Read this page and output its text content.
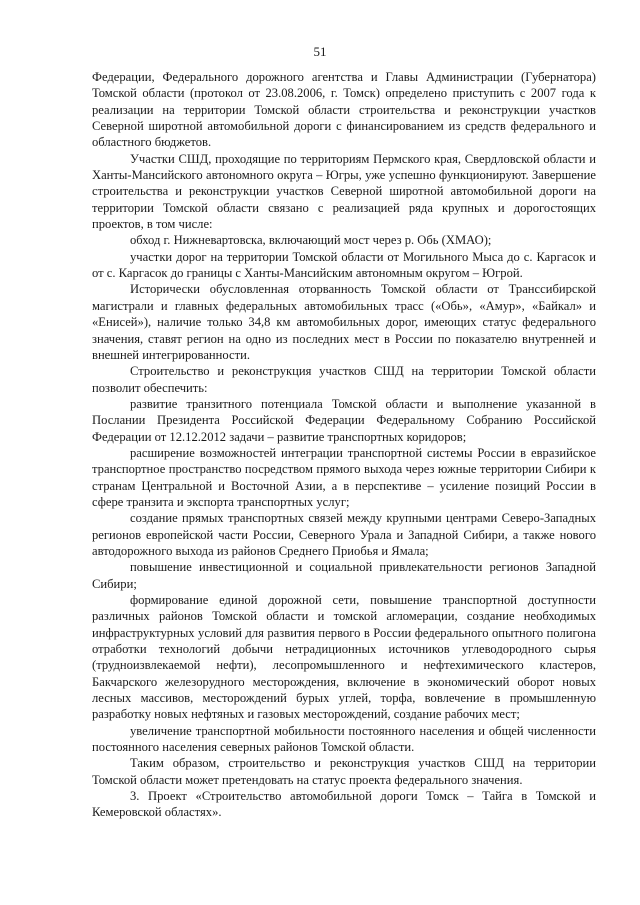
51

Федерации, Федерального дорожного агентства и Главы Администрации (Губернатора) Томской области (протокол от 23.08.2006, г. Томск) определено приступить с 2007 года к реализации на территории Томской области строительства и реконструкции участков Северной широтной автомобильной дороги с финансированием из средств федерального и областного бюджетов.

Участки СШД, проходящие по территориям Пермского края, Свердловской области и Ханты-Мансийского автономного округа – Югры, уже успешно функционируют. Завершение строительства и реконструкции участков Северной широтной автомобильной дороги на территории Томской области связано с реализацией ряда крупных и дорогостоящих проектов, в том числе:

обход г. Нижневартовска, включающий мост через р. Обь (ХМАО);

участки дорог на территории Томской области от Могильного Мыса до с. Каргасок и от с. Каргасок до границы с Ханты-Мансийским автономным округом – Югрой.

Исторически обусловленная оторванность Томской области от Транссибирской магистрали и главных федеральных автомобильных трасс («Обь», «Амур», «Байкал» и «Енисей»), наличие только 34,8 км автомобильных дорог, имеющих статус федерального значения, ставят регион на одно из последних мест в России по показателю внутренней и внешней интегрированности.

Строительство и реконструкция участков СШД на территории Томской области позволит обеспечить:

развитие транзитного потенциала Томской области и выполнение указанной в Послании Президента Российской Федерации Федеральному Собранию Российской Федерации от 12.12.2012 задачи – развитие транспортных коридоров;

расширение возможностей интеграции транспортной системы России в евразийское транспортное пространство посредством прямого выхода через южные территории Сибири к странам Центральной и Восточной Азии, а в перспективе – усиление позиций России в сфере транзита и экспорта транспортных услуг;

создание прямых транспортных связей между крупными центрами Северо-Западных регионов европейской части России, Северного Урала и Западной Сибири, а также нового автодорожного выхода из районов Среднего Приобья и Ямала;

повышение инвестиционной и социальной привлекательности регионов Западной Сибири;

формирование единой дорожной сети, повышение транспортной доступности различных районов Томской области и томской агломерации, создание необходимых инфраструктурных условий для развития первого в России федерального опытного полигона отработки технологий добычи нетрадиционных источников углеводородного сырья (трудноизвлекаемой нефти), лесопромышленного и нефтехимического кластеров, Бакчарского железорудного месторождения, включение в экономический оборот новых лесных массивов, месторождений бурых углей, торфа, вовлечение в промышленную разработку новых нефтяных и газовых месторождений, создание рабочих мест;

увеличение транспортной мобильности постоянного населения и общей численности постоянного населения северных районов Томской области.

Таким образом, строительство и реконструкция участков СШД на территории Томской области может претендовать на статус проекта федерального значения.

3. Проект «Строительство автомобильной дороги Томск – Тайга в Томской и Кемеровской областях».
